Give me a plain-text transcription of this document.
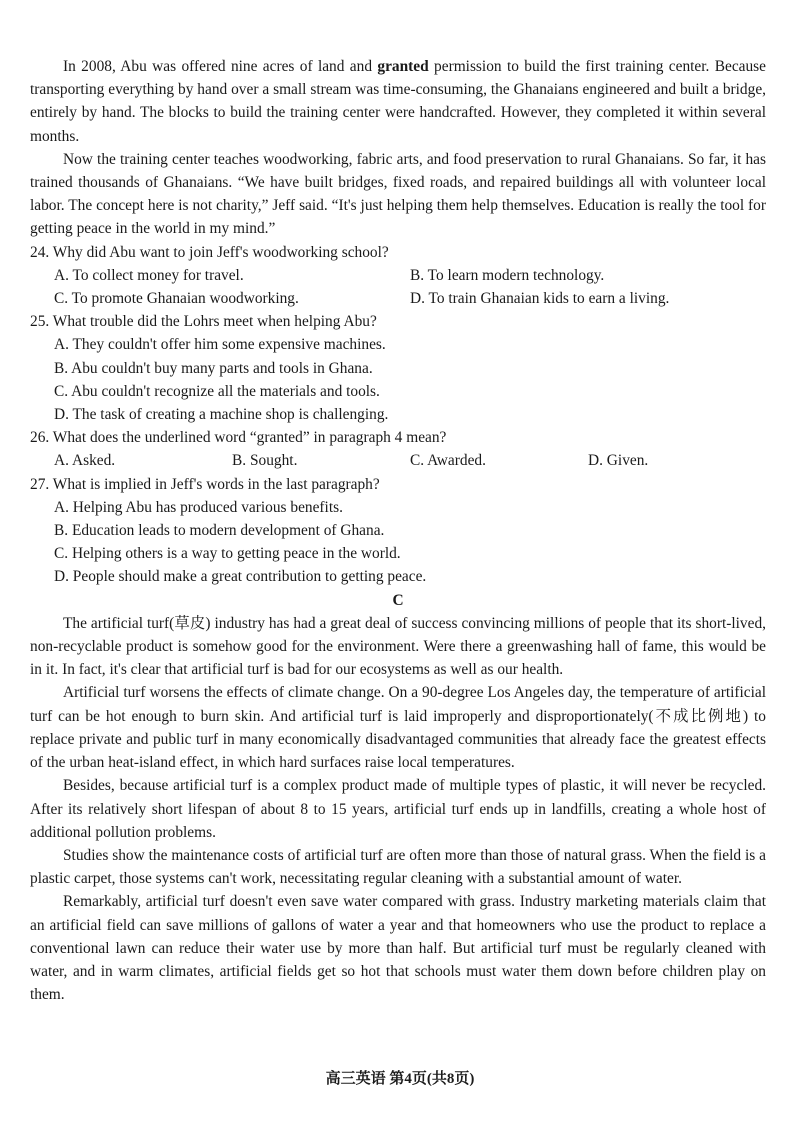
In 2008, Abu was offered nine acres of land and granted permission to build the first training center. Because transporting everything by hand over a small stream was time-consuming, the Ghanaians engineered and built a bridge, entirely by hand. The blocks to build the training center were handcrafted. However, they completed it within several months.

Now the training center teaches woodworking, fabric arts, and food preservation to rural Ghanaians. So far, it has trained thousands of Ghanaians. “We have built bridges, fixed roads, and repaired buildings all with volunteer local labor. The concept here is not charity,” Jeff said. “It's just helping them help themselves. Education is really the tool for getting peace in the world in my mind.”

24. Why did Abu want to join Jeff's woodworking school?

A. To collect money for travel.	B. To learn modern technology.
C. To promote Ghanaian woodworking.	D. To train Ghanaian kids to earn a living.

25. What trouble did the Lohrs meet when helping Abu?

A. They couldn't offer him some expensive machines.
B. Abu couldn't buy many parts and tools in Ghana.
C. Abu couldn't recognize all the materials and tools.
D. The task of creating a machine shop is challenging.

26. What does the underlined word “granted” in paragraph 4 mean?

A. Asked.	B. Sought.	C. Awarded.	D. Given.

27. What is implied in Jeff's words in the last paragraph?

A. Helping Abu has produced various benefits.
B. Education leads to modern development of Ghana.
C. Helping others is a way to getting peace in the world.
D. People should make a great contribution to getting peace.

C

The artificial turf(草皮) industry has had a great deal of success convincing millions of people that its short-lived, non-recyclable product is somehow good for the environment. Were there a greenwashing hall of fame, this would be in it. In fact, it's clear that artificial turf is bad for our ecosystems as well as our health.

Artificial turf worsens the effects of climate change. On a 90-degree Los Angeles day, the temperature of artificial turf can be hot enough to burn skin. And artificial turf is laid improperly and disproportionately(不成比例地) to replace private and public turf in many economically disadvantaged communities that already face the greatest effects of the urban heat-island effect, in which hard surfaces raise local temperatures.

Besides, because artificial turf is a complex product made of multiple types of plastic, it will never be recycled. After its relatively short lifespan of about 8 to 15 years, artificial turf ends up in landfills, creating a whole host of additional pollution problems.

Studies show the maintenance costs of artificial turf are often more than those of natural grass. When the field is a plastic carpet, those systems can't work, necessitating regular cleaning with a substantial amount of water.

Remarkably, artificial turf doesn't even save water compared with grass. Industry marketing materials claim that an artificial field can save millions of gallons of water a year and that homeowners who use the product to replace a conventional lawn can reduce their water use by more than half. But artificial turf must be regularly cleaned with water, and in warm climates, artificial fields get so hot that schools must water them down before children play on them.

高三英语 第4页(共8页)
